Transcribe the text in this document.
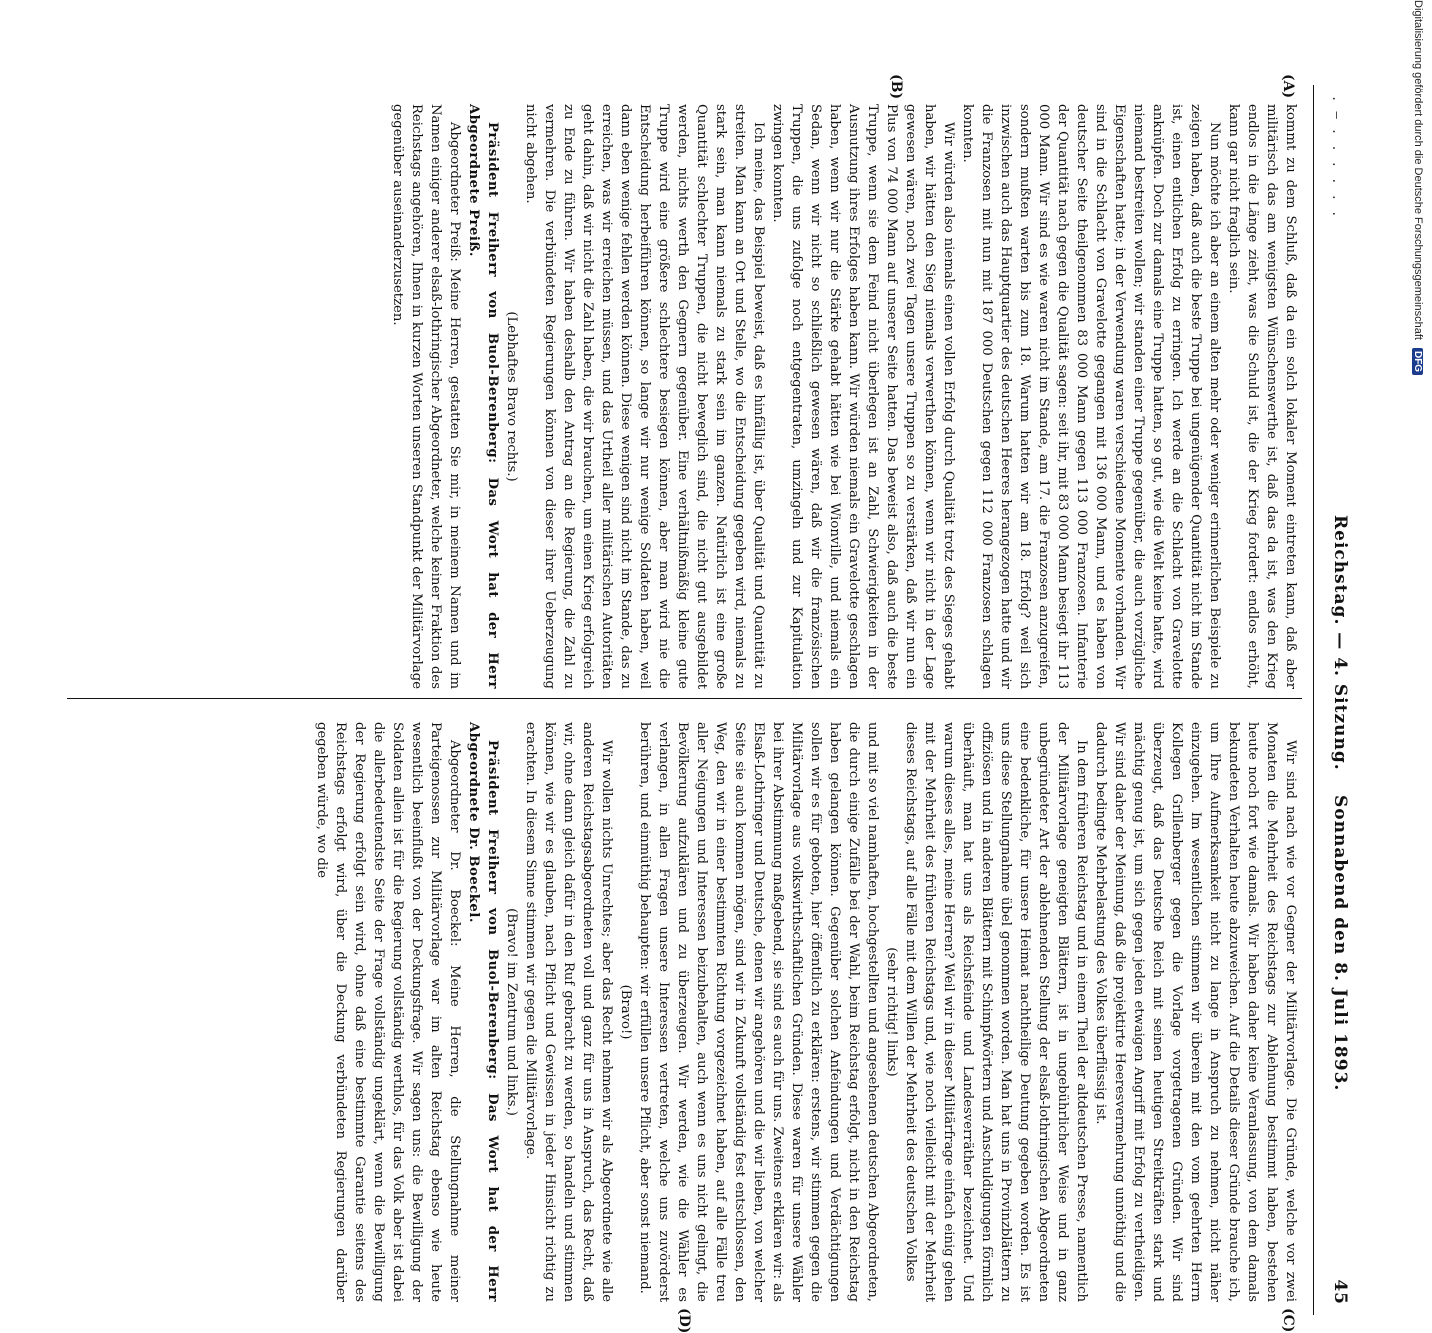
. — . . . . . .
Reichstag. — 4. Sitzung.
Sonnabend den 8. Juli 1893.
45
(A)
(B)
(C)
(D)

kommt zu dem Schluß, daß da ein solch lokaler Moment eintreten kann, daß aber militärisch das am wenigsten Wünschenswerthe ist, daß das da ist, was den Krieg endlos in die Länge zieht, was die Schuld ist, die der Krieg fordert: endlos erhöht, kann gar nicht fraglich sein.

Nun möchte ich aber an einem alten mehr oder weniger erinnerlichen Beispiele zu zeigen haben, daß auch die beste Truppe bei ungenügender Quantität nicht im Stande ist, einen entlichen Erfolg zu erringen. Ich werde an die Schlacht von Gravelotte anknüpfen. Doch zur damals eine Truppe hatten, so gut, wie die Welt keine hatte, wird niemand bestreiten wollen; wir standen einer Truppe gegenüber, die auch vorzügliche Eigenschaften hatte; in der Verwendung waren verschiedene Momente vorhanden. Wir sind in die Schlacht von Gravelotte gegangen mit 136 000 Mann, und es haben von deutscher Seite theilgenommen 83 000 Mann gegen 113 000 Franzosen. Infanterie der Quantität nach gegen die Qualität sagen: seit ihr, mit 83 000 Mann besiegt ihr 113 000 Mann. Wir sind es wie waren nicht im Stande, am 17. die Franzosen anzugreifen, sondern mußten warten bis zum 18. Warum hatten wir am 18. Erfolg? weil sich inzwischen auch das Hauptquartier des deutschen Heeres herangezogen hatte und wir die Franzosen mit nun mit 187 000 Deutschen gegen 112 000 Franzosen schlagen konnten.

Wir würden also niemals einen vollen Erfolg durch Qualität trotz des Sieges gehabt haben, wir hätten den Sieg niemals verwerthen können, wenn wir nicht in der Lage gewesen wären, noch zwei Tagen unsere Truppen so zu verstärken, daß wir nun ein Plus von 74 000 Mann auf unserer Seite hatten. Das beweist also, daß auch die beste Truppe, wenn sie dem Feind nicht überlegen ist an Zahl, Schwierigkeiten in der Ausnutzung ihres Erfolges haben kann. Wir würden niemals ein Gravelotte geschlagen haben, wenn wir nur die Stärke gehabt hätten wie bei Wionville, und niemals ein Sedan, wenn wir nicht so schließlich gewesen wären, daß wir die französischen Truppen, die uns zufolge noch entgegentraten, umzingeln und zur Kapitulation zwingen konnten.

Ich meine, das Beispiel beweist, daß es hinfällig ist, über Qualität und Quantität zu streiten. Man kann an Ort und Stelle, wo die Entscheidung gegeben wird, niemals zu stark sein, man kann niemals zu stark sein im ganzen. Natürlich ist eine große Quantität schlechter Truppen, die nicht beweglich sind, die nicht gut ausgebildet werden, nichts werth den Gegnern gegenüber. Eine verhältnißmäßig kleine gute Truppe wird eine größere schlechtere besiegen können, aber man wird nie die Entscheidung herbeiführen können, so lange wir nur wenige Soldaten haben, weil dann eben wenige fehlen werden können. Diese wenigen sind nicht im Stande, das zu erreichen, was wir erreichen müssen, und das Urtheil aller militärischen Autoritäten geht dahin, daß wir nicht die Zahl haben, die wir brauchen, um einen Krieg erfolgreich zu Ende zu führen. Wir haben deshalb den Antrag an die Regierung, die Zahl zu vermehren. Die verbündeten Regierungen können von dieser ihrer Ueberzeugung nicht abgehen.

(Lebhaftes Bravo rechts.)

Präsident Freiherr von Buol-Berenberg: Das Wort hat der Herr Abgeordnete Preiß.

Abgeordneter Preiß: Meine Herren, gestatten Sie mir, in meinem Namen und im Namen einiger anderer elsaß-lothringischer Abgeordneter, welche keiner Fraktion des Reichstags angehören, Ihnen in kurzen Worten unseren Standpunkt der Militärvorlage gegenüber auseinanderzusetzen.

Wir sind nach wie vor Gegner der Militärvorlage. Die Gründe, welche vor zwei Monaten die Mehrheit des Reichstags zur Ablehnung bestimmt haben, bestehen heute noch fort wie damals. Wir haben daher keine Veranlassung, von dem damals bekundeten Verhalten heute abzuweichen. Auf die Details dieser Gründe brauche ich, um Ihre Aufmerksamkeit nicht zu lange in Anspruch zu nehmen, nicht näher einzugehen. Im wesentlichen stimmen wir überein mit den vom geehrten Herrn Kollegen Grillenberger gegen die Vorlage vorgetragenen Gründen. Wir sind überzeugt, daß das Deutsche Reich mit seinen heutigen Streitkräften stark und mächtig genug ist, um sich gegen jeden etwaigen Angriff mit Erfolg zu vertheidigen. Wir sind daher der Meinung, daß die projektirte Heeresvermehrung unnöthig und die dadurch bedingte Mehrbelastung des Volkes überflüssig ist.

In dem früheren Reichstag und in einem Theil der altdeutschen Presse, namentlich der Militärvorlage geneigten Blättern, ist in ungebührlicher Weise und in ganz unbegründeter Art der ablehnenden Stellung der elsaß-lothringischen Abgeordneten eine bedenkliche, für unsere Heimat nachtheilige Deutung gegeben worden. Es ist uns diese Stellungnahme übel genommen worden. Man hat uns in Provinzblättern zu offiziösen und in anderen Blättern mit Schimpfwörtern und Anschuldigungen förmlich überhäuft, man hat uns als Reichsfeinde und Landesverräther bezeichnet. Und warum dieses alles, meine Herren? Weil wir in dieser Militärfrage einfach einig gehen mit der Mehrheit des früheren Reichstags und, wie noch vielleicht mit der Mehrheit dieses Reichstags, auf alle Fälle mit dem Willen der Mehrheit des deutschen Volkes

(sehr richtig! links)

und mit so viel namhaften, hochgestellten und angesehenen deutschen Abgeordneten, die durch einige Zufälle bei der Wahl, beim Reichstag erfolgt, nicht in den Reichstag haben gelangen können. Gegenüber solchen Anfeindungen und Verdächtigungen sollen wir es für geboten, hier öffentlich zu erklären: erstens, wir stimmen gegen die Militärvorlage aus volkswirthschaftlichen Gründen. Diese waren für unsere Wähler bei ihrer Abstimmung maßgebend, sie sind es auch für uns. Zweitens erklären wir: als Elsaß-Lothringer und Deutsche, denen wir angehören und die wir lieben, von welcher Seite sie auch kommen mögen, sind wir in Zukunft vollständig fest entschlossen, den Weg, den wir in einer bestimmten Richtung vorgezeichnet haben, auf alle Fälle treu aller Neigungen und Interessen beizubehalten, auch wenn es uns nicht gelingt, die Bevölkerung aufzuklären und zu überzeugen. Wir werden, wie die Wähler es verlangen, in allen Fragen unsere Interessen vertreten, welche uns zuvörderst berühren, und einmüthig behaupten: wir erfüllen unsere Pflicht, aber sonst niemand.

(Bravo!)

Wir wollen nichts Unrechtes; aber das Recht nehmen wir als Abgeordnete wie alle anderen Reichstagsabgeordneten voll und ganz für uns in Anspruch, das Recht, daß wir, ohne dann gleich dafür in den Ruf gebracht zu werden, so handeln und stimmen können, wie wir es glauben, nach Pflicht und Gewissen in jeder Hinsicht richtig zu erachten. In diesem Sinne stimmen wir gegen die Militärvorlage.

(Bravo! im Zentrum und links.)

Präsident Freiherr von Buol-Berenberg: Das Wort hat der Herr Abgeordnete Dr. Boeckel.

Abgeordneter Dr. Boeckel: Meine Herren, die Stellungnahme meiner Parteigenossen zur Militärvorlage war im alten Reichstag ebenso wie heute wesentlich beeinflußt von der Deckungsfrage. Wir sagen uns: die Bewilligung der Soldaten allein ist für die Regierung vollständig werthlos, für das Volk aber ist dabei die allerbedeutendste Seite der Frage vollständig ungeklärt, wenn die Bewilligung der Regierung erfolgt sein wird, ohne daß eine bestimmte Garantie seitens des Reichstags erfolgt wird, über die Deckung verbündeten Regierungen darüber gegeben würde, wo die

Digitalisierung gefördert durch die Deutsche Forschungsgemeinschaft
DFG
